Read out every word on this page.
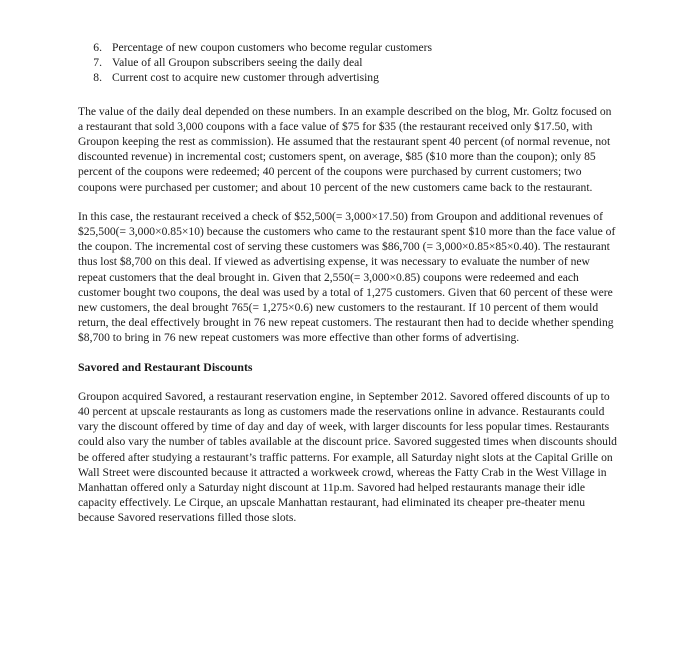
6. Percentage of new coupon customers who become regular customers
7. Value of all Groupon subscribers seeing the daily deal
8. Current cost to acquire new customer through advertising

The value of the daily deal depended on these numbers. In an example described on the blog, Mr. Goltz focused on a restaurant that sold 3,000 coupons with a face value of $75 for $35 (the restaurant received only $17.50, with Groupon keeping the rest as commission). He assumed that the restaurant spent 40 percent (of normal revenue, not discounted revenue) in incremental cost; customers spent, on average, $85 ($10 more than the coupon); only 85 percent of the coupons were redeemed; 40 percent of the coupons were purchased by current customers; two coupons were purchased per customer; and about 10 percent of the new customers came back to the restaurant.

In this case, the restaurant received a check of $52,500(= 3,000×17.50) from Groupon and additional revenues of $25,500(= 3,000×0.85×10) because the customers who came to the restaurant spent $10 more than the face value of the coupon. The incremental cost of serving these customers was $86,700 (= 3,000×0.85×85×0.40). The restaurant thus lost $8,700 on this deal. If viewed as advertising expense, it was necessary to evaluate the number of new repeat customers that the deal brought in. Given that 2,550(= 3,000×0.85) coupons were redeemed and each customer bought two coupons, the deal was used by a total of 1,275 customers. Given that 60 percent of these were new customers, the deal brought 765(= 1,275×0.6) new customers to the restaurant. If 10 percent of them would return, the deal effectively brought in 76 new repeat customers. The restaurant then had to decide whether spending $8,700 to bring in 76 new repeat customers was more effective than other forms of advertising.

Savored and Restaurant Discounts

Groupon acquired Savored, a restaurant reservation engine, in September 2012. Savored offered discounts of up to 40 percent at upscale restaurants as long as customers made the reservations online in advance. Restaurants could vary the discount offered by time of day and day of week, with larger discounts for less popular times. Restaurants could also vary the number of tables available at the discount price. Savored suggested times when discounts should be offered after studying a restaurant’s traffic patterns. For example, all Saturday night slots at the Capital Grille on Wall Street were discounted because it attracted a workweek crowd, whereas the Fatty Crab in the West Village in Manhattan offered only a Saturday night discount at 11p.m. Savored had helped restaurants manage their idle capacity effectively. Le Cirque, an upscale Manhattan restaurant, had eliminated its cheaper pre-theater menu because Savored reservations filled those slots.
